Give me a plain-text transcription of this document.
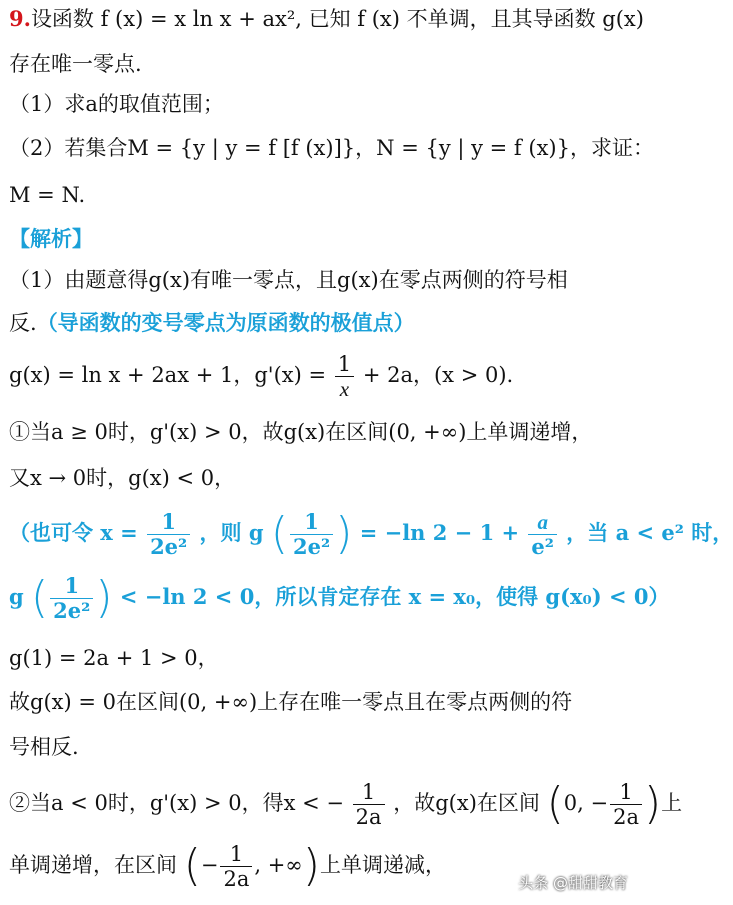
9.设函数 f (x) = x ln x + ax², 已知 f (x) 不单调，且其导函数 g(x)
存在唯一零点.
（1）求a的取值范围；
（2）若集合M = {y | y = f [f (x)]}，N = {y | y = f (x)}，求证：
M = N.
【解析】
（1）由题意得g(x)有唯一零点，且g(x)在零点两侧的符号相
反.（导函数的变号零点为原函数的极值点）
g(x) = ln x + 2ax + 1，$g'(x) = \frac{1}{x} + 2a$，(x > 0).
①当a ≥ 0时，g'(x) > 0，故g(x)在区间(0, +∞)上单调递增，
又x → 0时，g(x) < 0，
（也可令 $x = \frac{1}{\text{2e²}}$ ，则 g ( $\frac{1}{\text{2e²}}$ ) = −ln $2 - 1 + \frac{a}{\text{e²}}$ ，当 a < e² 时，
g ( $\frac{1}{\text{2e²}}$ ) < −ln 2 < 0，所以肯定存在 x = x₀，使得 g(x₀) < 0）
g(1) = 2a + 1 > 0，
故g(x) = 0在区间(0, +∞)上存在唯一零点且在零点两侧的符
号相反.
②当a < 0时，g'(x) > 0，得x < − $\frac{1}{2a}$ ，故g(x)在区间 (0, − $\frac{1}{2a}$ )上
单调递增，在区间 (− $\frac{1}{2a}$ , +∞)上单调递减，
头条 @甜甜教育
